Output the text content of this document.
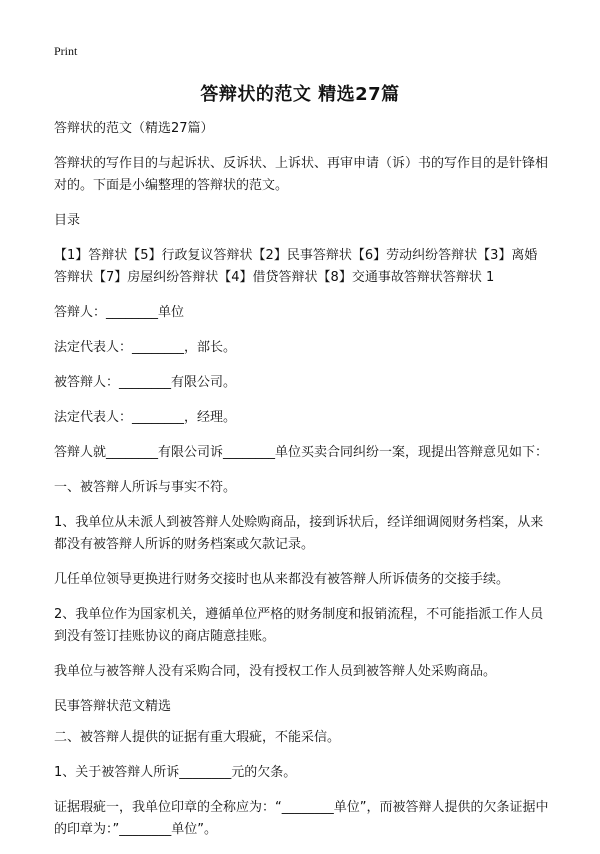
Print
答辩状的范文 精选27篇

答辩状的范文（精选27篇）

答辩状的写作目的与起诉状、反诉状、上诉状、再审申请（诉）书的写作目的是针锋相对的。下面是小编整理的答辩状的范文。

目录

【1】答辩状【5】行政复议答辩状【2】民事答辩状【6】劳动纠纷答辩状【3】离婚答辩状【7】房屋纠纷答辩状【4】借贷答辩状【8】交通事故答辩状答辩状 1

答辩人：________单位

法定代表人：________，部长。

被答辩人：________有限公司。

法定代表人：________，经理。

答辩人就________有限公司诉________单位买卖合同纠纷一案，现提出答辩意见如下：

一、被答辩人所诉与事实不符。

1、我单位从未派人到被答辩人处赊购商品，接到诉状后，经详细调阅财务档案，从来都没有被答辩人所诉的财务档案或欠款记录。

几任单位领导更换进行财务交接时也从来都没有被答辩人所诉债务的交接手续。

2、我单位作为国家机关，遵循单位严格的财务制度和报销流程，不可能指派工作人员到没有签订挂账协议的商店随意挂账。

我单位与被答辩人没有采购合同，没有授权工作人员到被答辩人处采购商品。

民事答辩状范文精选

二、被答辩人提供的证据有重大瑕疵，不能采信。

1、关于被答辩人所诉________元的欠条。

证据瑕疵一，我单位印章的全称应为：“________单位”，而被答辩人提供的欠条证据中的印章为：”________单位”。
